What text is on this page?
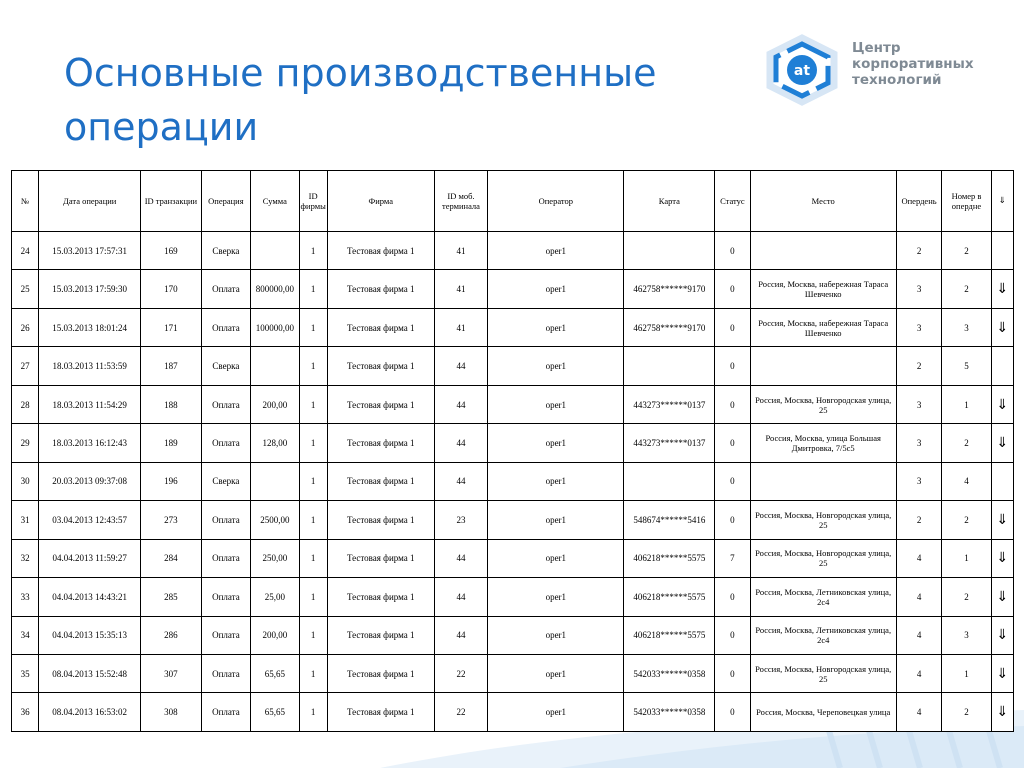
Основные производственные операции
at
Центр
корпоративных
технологий
№	Дата операции	ID транзакции	Операция	Сумма	ID фирмы	Фирма	ID моб. терминала	Оператор	Карта	Статус	Место	Опердень	Номер в опердне	⇓
24	15.03.2013 17:57:31	169	Сверка		1	Тестовая фирма 1	41	oper1		0		2	2	
25	15.03.2013 17:59:30	170	Оплата	800000,00	1	Тестовая фирма 1	41	oper1	462758******9170	0	Россия, Москва, набережная Тараса Шевченко	3	2	⇓
26	15.03.2013 18:01:24	171	Оплата	100000,00	1	Тестовая фирма 1	41	oper1	462758******9170	0	Россия, Москва, набережная Тараса Шевченко	3	3	⇓
27	18.03.2013 11:53:59	187	Сверка		1	Тестовая фирма 1	44	oper1		0		2	5	
28	18.03.2013 11:54:29	188	Оплата	200,00	1	Тестовая фирма 1	44	oper1	443273******0137	0	Россия, Москва, Новгородская улица, 25	3	1	⇓
29	18.03.2013 16:12:43	189	Оплата	128,00	1	Тестовая фирма 1	44	oper1	443273******0137	0	Россия, Москва, улица Большая Дмитровка, 7/5с5	3	2	⇓
30	20.03.2013 09:37:08	196	Сверка		1	Тестовая фирма 1	44	oper1		0		3	4	
31	03.04.2013 12:43:57	273	Оплата	2500,00	1	Тестовая фирма 1	23	oper1	548674******5416	0	Россия, Москва, Новгородская улица, 25	2	2	⇓
32	04.04.2013 11:59:27	284	Оплата	250,00	1	Тестовая фирма 1	44	oper1	406218******5575	7	Россия, Москва, Новгородская улица, 25	4	1	⇓
33	04.04.2013 14:43:21	285	Оплата	25,00	1	Тестовая фирма 1	44	oper1	406218******5575	0	Россия, Москва, Летниковская улица, 2с4	4	2	⇓
34	04.04.2013 15:35:13	286	Оплата	200,00	1	Тестовая фирма 1	44	oper1	406218******5575	0	Россия, Москва, Летниковская улица, 2с4	4	3	⇓
35	08.04.2013 15:52:48	307	Оплата	65,65	1	Тестовая фирма 1	22	oper1	542033******0358	0	Россия, Москва, Новгородская улица, 25	4	1	⇓
36	08.04.2013 16:53:02	308	Оплата	65,65	1	Тестовая фирма 1	22	oper1	542033******0358	0	Россия, Москва, Череповецкая улица	4	2	⇓
